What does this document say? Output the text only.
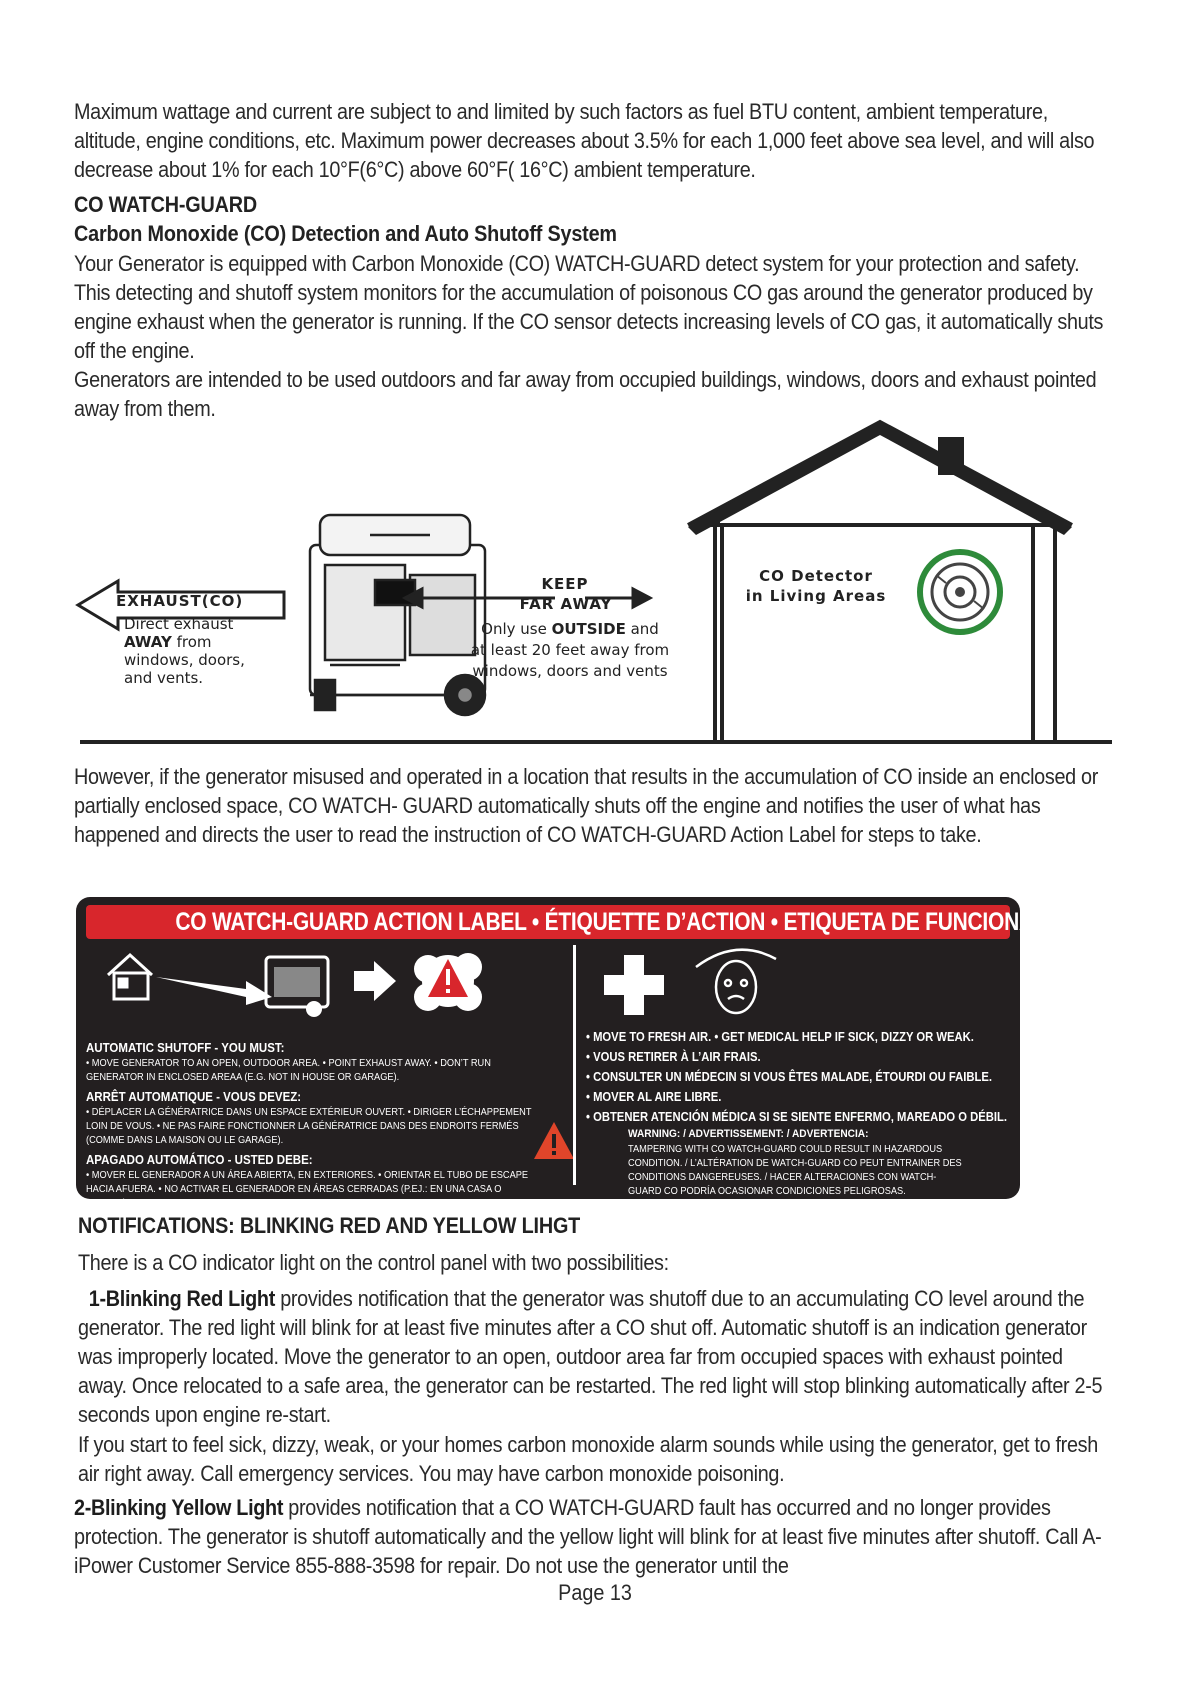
Maximum wattage and current are subject to and limited by such factors as fuel BTU content, ambient temperature, altitude, engine conditions, etc. Maximum power decreases about 3.5% for each 1,000 feet above sea level, and will also decrease about 1% for each 10°F(6°C) above 60°F( 16°C) ambient temperature.
CO WATCH-GUARD
Carbon Monoxide (CO) Detection and Auto Shutoff System
Your Generator is equipped with Carbon Monoxide (CO) WATCH-GUARD detect system for your protection and safety. This detecting and shutoff system monitors for the accumulation of poisonous CO gas around the generator produced by engine exhaust when the generator is running. If the CO sensor detects increasing levels of CO gas, it automatically shuts off the engine.
Generators are intended to be used outdoors and far away from occupied buildings, windows, doors and exhaust pointed away from them.
EXHAUST(CO)
Direct exhaust
AWAY from
windows, doors,
and vents.
KEEP
FAR AWAY
Only use OUTSIDE and
at least 20 feet away from
windows, doors and vents
CO Detector
in Living Areas
However, if the generator misused and operated in a location that results in the accumulation of CO inside an enclosed or partially enclosed space, CO WATCH- GUARD automatically shuts off the engine and notifies the user of what has happened and directs the user to read the instruction of CO WATCH-GUARD Action Label for steps to take.
CO WATCH-GUARD ACTION LABEL • ÉTIQUETTE D’ACTION • ETIQUETA DE FUNCIONAMIENTO
AUTOMATIC SHUTOFF - YOU MUST:
• MOVE GENERATOR TO AN OPEN, OUTDOOR AREA. • POINT EXHAUST AWAY. • DON’T RUN GENERATOR IN ENCLOSED AREAA (E.G. NOT IN HOUSE OR GARAGE).
ARRÊT AUTOMATIQUE - VOUS DEVEZ:
• DÉPLACER LA GÉNÉRATRICE DANS UN ESPACE EXTÉRIEUR OUVERT. • DIRIGER L’ÉCHAPPEMENT LOIN DE VOUS. • NE PAS FAIRE FONCTIONNER LA GÉNÉRATRICE DANS DES ENDROITS FERMÉS (COMME DANS LA MAISON OU LE GARAGE).
APAGADO AUTOMÁTICO - USTED DEBE:
• MOVER EL GENERADOR A UN ÁREA ABIERTA, EN EXTERIORES. • ORIENTAR EL TUBO DE ESCAPE HACIA AFUERA. • NO ACTIVAR EL GENERADOR EN ÁREAS CERRADAS (P.EJ.: EN UNA CASA O GARAJE).
• MOVE TO FRESH AIR. • GET MEDICAL HELP IF SICK, DIZZY OR WEAK.
• VOUS RETIRER À L’AIR FRAIS.
• CONSULTER UN MÉDECIN SI VOUS ÊTES MALADE, ÉTOURDI OU FAIBLE.
• MOVER AL AIRE LIBRE.
• OBTENER ATENCIÓN MÉDICA SI SE SIENTE ENFERMO, MAREADO O DÉBIL.
WARNING: / ADVERTISSEMENT: / ADVERTENCIA:
TAMPERING WITH CO WATCH-GUARD COULD RESULT IN HAZARDOUS CONDITION. / L’ALTÉRATION DE WATCH-GUARD CO PEUT ENTRAINER DES CONDITIONS DANGEREUSES. / HACER ALTERACIONES CON WATCH-GUARD CO PODRÍA OCASIONAR CONDICIONES PELIGROSAS.
NOTIFICATIONS: BLINKING RED AND YELLOW LIHGT
There is a CO indicator light on the control panel with two possibilities:
1-Blinking Red Light provides notification that the generator was shutoff due to an accumulating CO level around the generator. The red light will blink for at least five minutes after a CO shut off. Automatic shutoff is an indication generator was improperly located. Move the generator to an open, outdoor area far from occupied spaces with exhaust pointed away. Once relocated to a safe area, the generator can be restarted. The red light will stop blinking automatically after 2-5 seconds upon engine re-start.
If you start to feel sick, dizzy, weak, or your homes carbon monoxide alarm sounds while using the generator, get to fresh air right away. Call emergency services. You may have carbon monoxide poisoning.
2-Blinking Yellow Light provides notification that a CO WATCH-GUARD fault has occurred and no longer provides protection. The generator is shutoff automatically and the yellow light will blink for at least five minutes after shutoff. Call A-iPower Customer Service 855-888-3598 for repair. Do not use the generator until the
Page 13
